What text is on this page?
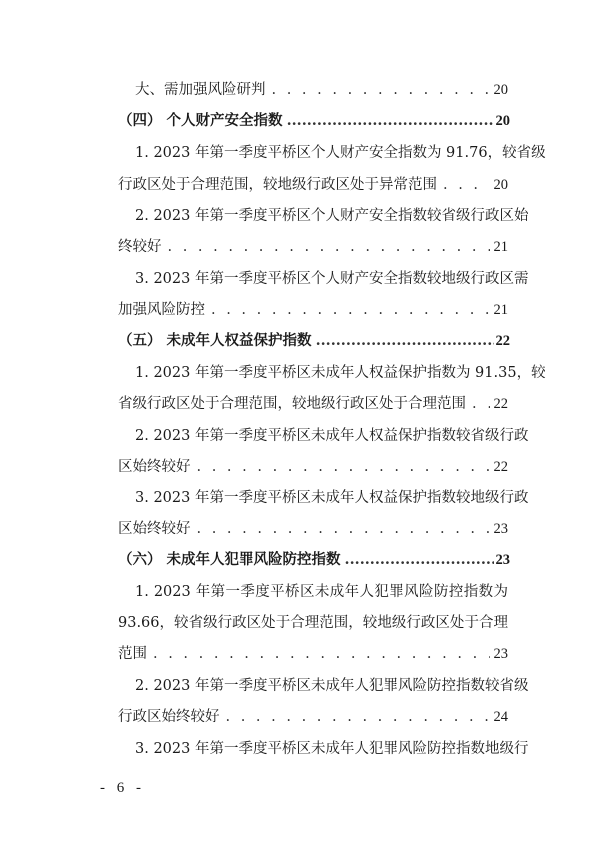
大、需加强风险研判 . . .	20
（四） 个人财产安全指数 .....	20
1. 2023 年第一季度平桥区个人财产安全指数为 91.76，较省级
行政区处于合理范围，较地级行政区处于异常范围 . . .	20
2. 2023 年第一季度平桥区个人财产安全指数较省级行政区始
终较好 . . .	21
3. 2023 年第一季度平桥区个人财产安全指数较地级行政区需
加强风险防控 . . .	21
（五） 未成年人权益保护指数 .....	22
1. 2023 年第一季度平桥区未成年人权益保护指数为 91.35，较
省级行政区处于合理范围，较地级行政区处于合理范围 . . . 22
2. 2023 年第一季度平桥区未成年人权益保护指数较省级行政
区始终较好 . . .	22
3. 2023 年第一季度平桥区未成年人权益保护指数较地级行政
区始终较好 . . .	23
（六） 未成年人犯罪风险防控指数 .....	23
1. 2023 年第一季度平桥区未成年人犯罪风险防控指数为
93.66，较省级行政区处于合理范围，较地级行政区处于合理
范围 . . .	23
2. 2023 年第一季度平桥区未成年人犯罪风险防控指数较省级
行政区始终较好 . . .	24
3. 2023 年第一季度平桥区未成年人犯罪风险防控指数地级行
- 6 -
